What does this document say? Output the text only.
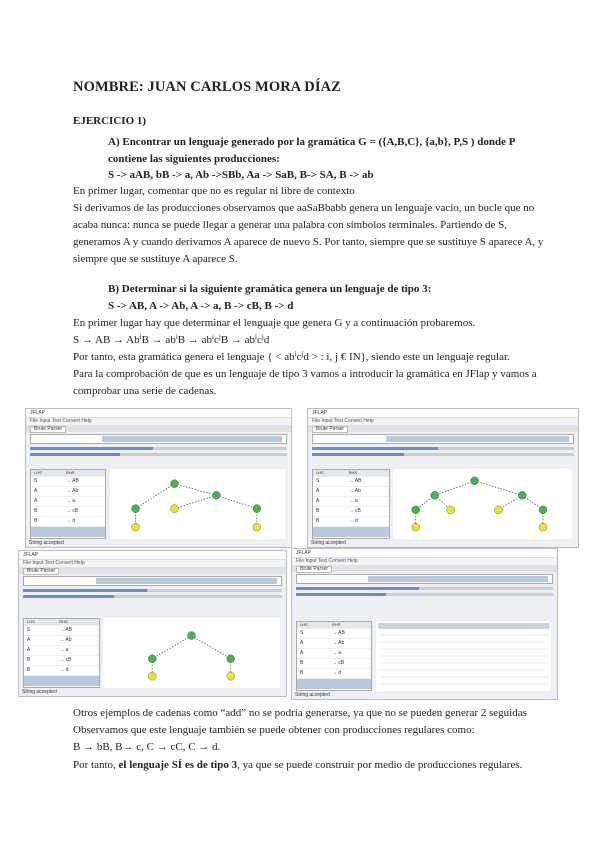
NOMBRE: JUAN CARLOS MORA DÍAZ
EJERCICIO 1)
A) Encontrar un lenguaje generado por la gramática G = ({A,B,C}, {a,b}, P,S ) donde P
contiene las siguientes producciones:
S -> aAB, bB -> a, Ab ->SBb, Aa -> SaB, B-> SA, B -> ab
En primer lugar, comentar que no es regular ni libre de contexto
Si derivamos de las producciones observamos que aaSaBbabb genera un lenguaje vacío, un bucle que no
acaba nunca: nunca se puede llegar a generar una palabra con símbolos terminales. Partiendo de S,
generamos A y cuando derivamos A aparece de nuevo S. Por tanto, siempre que se sustituye S aparece A, y
siempre que se sustituye A aparece S.
B) Determinar si la siguiente gramática genera un lenguaje de tipo 3:
S -> AB, A -> Ab, A -> a, B -> cB, B -> d
En primer lugar hay que determinar el lenguaje que genera G y a continuación probaremos.
S → AB → $Ab^iB \to ab^iB \to ab^ic^jB \to ab^ic^jd$
Por tanto, esta gramática genera el lenguaje { < $ab^ic^jd$ > : i, j € IN}, siendo este un lenguaje regular.
Para la comprobación de que es un lenguaje de tipo 3 vamos a introducir la gramática en JFlap y vamos a
comprobar una serie de cadenas.
JFLAP
File Input Test Convert Help
Brute Parser
LHS	RHS
S	→ AB
A	→ Ab
A	→ a
B	→ cB
B	→ d
String accepted
JFLAP
File Input Test Convert Help
Brute Parser
LHS	RHS
S	→ AB
A	→ Ab
A	→ a
B	→ cB
B	→ d
String accepted
JFLAP
File Input Test Convert Help
Brute Parser
LHS	RHS
S	→ AB
A	→ Ab
A	→ a
B	→ cB
B	→ d
String accepted
JFLAP
File Input Test Convert Help
Brute Parser
LHS	RHS
S	→ AB
A	→ Ab
A	→ a
B	→ cB
B	→ d
String accepted
Otros ejemplos de cadenas como “add” no se podría generarse, ya que no se pueden generar 2 seguidas
Observamos que este lenguaje también se puede obtener con producciones regulares como:
B → bB, B→ c, C → cC, C → d.
Por tanto, el lenguaje SÍ es de tipo 3, ya que se puede construir por medio de producciones regulares.
